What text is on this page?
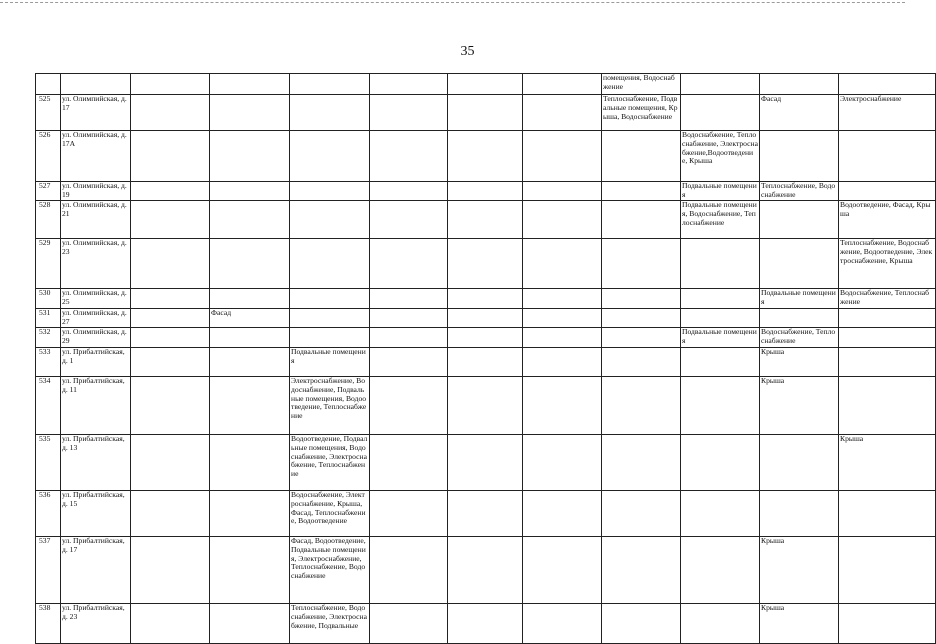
35
								помещения, Водоснабжение			
525	ул. Олимпийская, д. 17							Теплоснабжение, Подвальные помещения, Крыша, Водоснабжение		Фасад	Электроснабжение
526	ул. Олимпийская, д. 17А								Водоснабжение, Теплоснабжение, Электроснабжение,Водоотведение, Крыша		
527	ул. Олимпийская, д. 19								Подвальные помещения	Теплоснабжение, Водоснабжение	
528	ул. Олимпийская, д. 21								Подвальные помещения, Водоснабжение, Теплоснабжение		Водоотведение, Фасад, Крыша
529	ул. Олимпийская, д. 23										Теплоснабжение, Водоснабжение, Водоотведение, Электроснабжение, Крыша
530	ул. Олимпийская, д. 25									Подвальные помещения	Водоснабжение, Теплоснабжение
531	ул. Олимпийская, д. 27		Фасад								
532	ул. Олимпийская, д. 29								Подвальные помещения	Водоснабжение, Теплоснабжение	
533	ул. Прибалтийская, д. 1			Подвальные помещения						Крыша	
534	ул. Прибалтийская, д. 11			Электроснабжение, Водоснабжение, Подвальные помещения, Водоотведение, Теплоснабжение						Крыша	
535	ул. Прибалтийская, д. 13			Водоотведение, Подвальные помещения, Водоснабжение, Электроснабжение, Теплоснабжение							Крыша
536	ул. Прибалтийская, д. 15			Водоснабжение, Электроснабжение, Крыша, Фасад, Теплоснабжение, Водоотведение							
537	ул. Прибалтийская, д. 17			Фасад, Водоотведение, Подвальные помещения, Электроснабжение, Теплоснабжение, Водоснабжение						Крыша	
538	ул. Прибалтийская, д. 23			Теплоснабжение, Водоснабжение, Электроснабжение, Подвальные						Крыша	
